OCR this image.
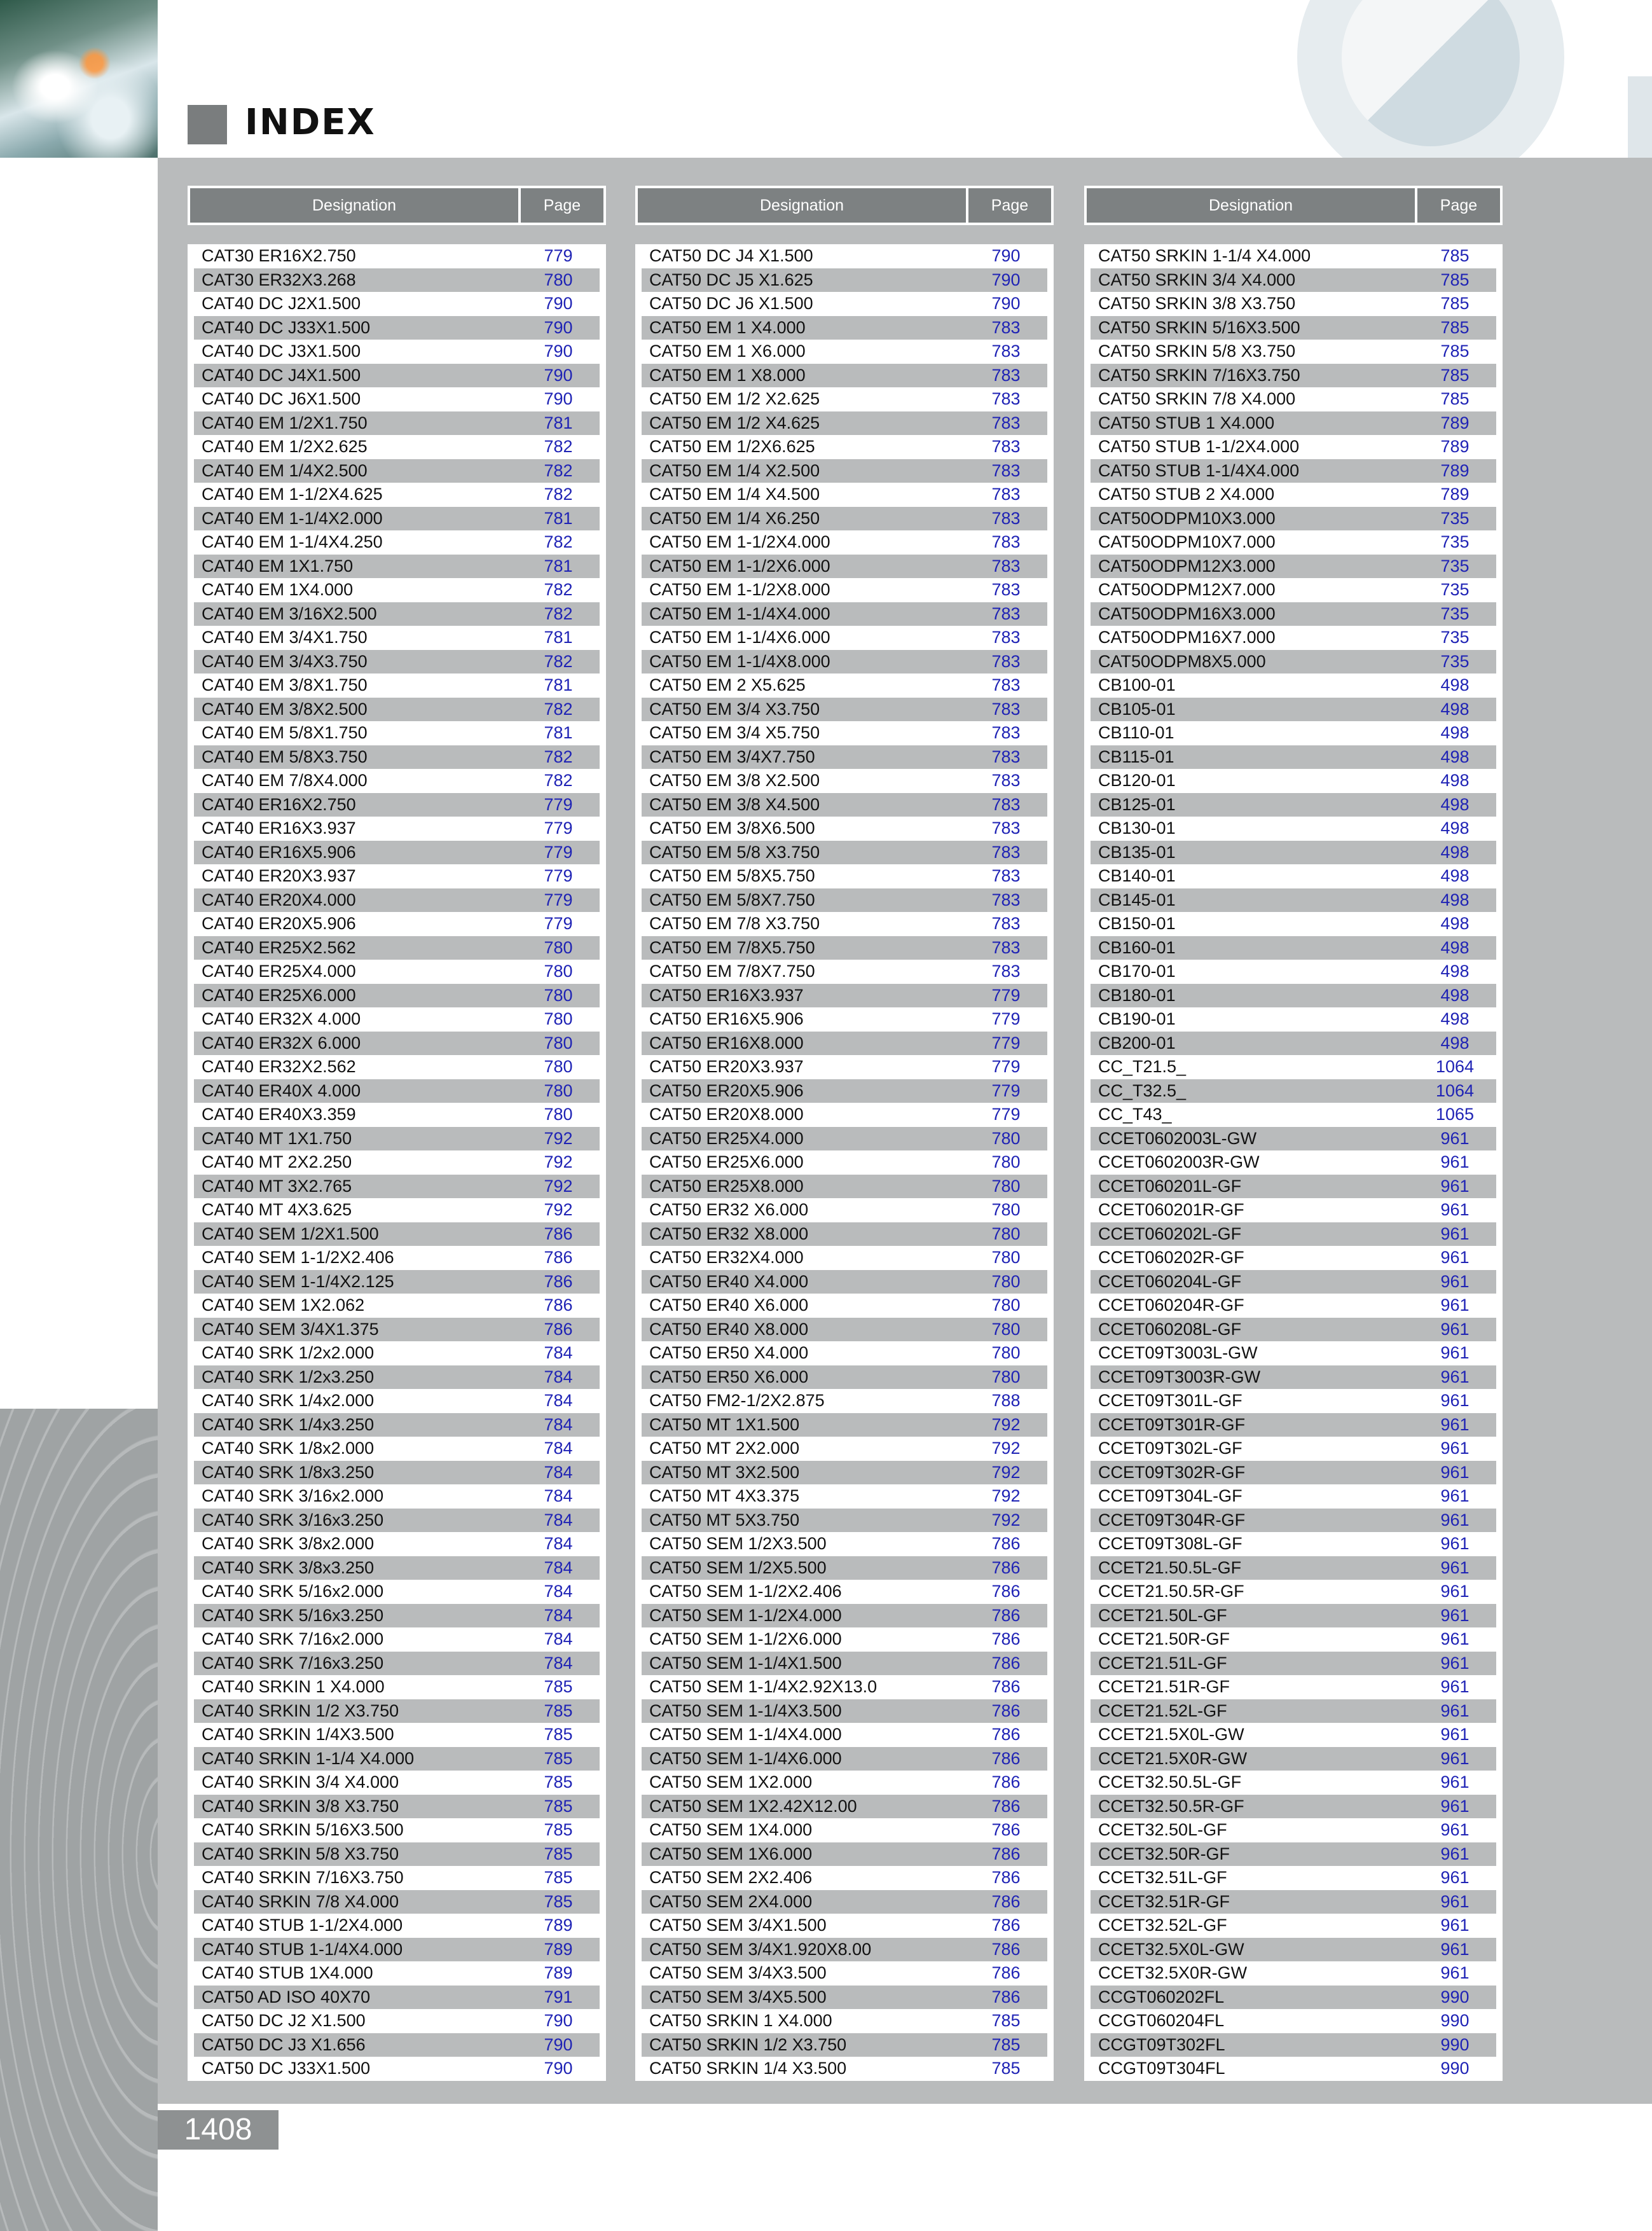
INDEX
Designation	Page
CAT30 ER16X2.750	779
CAT30 ER32X3.268	780
CAT40 DC J2X1.500	790
CAT40 DC J33X1.500	790
CAT40 DC J3X1.500	790
CAT40 DC J4X1.500	790
CAT40 DC J6X1.500	790
CAT40 EM 1/2X1.750	781
CAT40 EM 1/2X2.625	782
CAT40 EM 1/4X2.500	782
CAT40 EM 1-1/2X4.625	782
CAT40 EM 1-1/4X2.000	781
CAT40 EM 1-1/4X4.250	782
CAT40 EM 1X1.750	781
CAT40 EM 1X4.000	782
CAT40 EM 3/16X2.500	782
CAT40 EM 3/4X1.750	781
CAT40 EM 3/4X3.750	782
CAT40 EM 3/8X1.750	781
CAT40 EM 3/8X2.500	782
CAT40 EM 5/8X1.750	781
CAT40 EM 5/8X3.750	782
CAT40 EM 7/8X4.000	782
CAT40 ER16X2.750	779
CAT40 ER16X3.937	779
CAT40 ER16X5.906	779
CAT40 ER20X3.937	779
CAT40 ER20X4.000	779
CAT40 ER20X5.906	779
CAT40 ER25X2.562	780
CAT40 ER25X4.000	780
CAT40 ER25X6.000	780
CAT40 ER32X 4.000	780
CAT40 ER32X 6.000	780
CAT40 ER32X2.562	780
CAT40 ER40X 4.000	780
CAT40 ER40X3.359	780
CAT40 MT 1X1.750	792
CAT40 MT 2X2.250	792
CAT40 MT 3X2.765	792
CAT40 MT 4X3.625	792
CAT40 SEM 1/2X1.500	786
CAT40 SEM 1-1/2X2.406	786
CAT40 SEM 1-1/4X2.125	786
CAT40 SEM 1X2.062	786
CAT40 SEM 3/4X1.375	786
CAT40 SRK 1/2x2.000	784
CAT40 SRK 1/2x3.250	784
CAT40 SRK 1/4x2.000	784
CAT40 SRK 1/4x3.250	784
CAT40 SRK 1/8x2.000	784
CAT40 SRK 1/8x3.250	784
CAT40 SRK 3/16x2.000	784
CAT40 SRK 3/16x3.250	784
CAT40 SRK 3/8x2.000	784
CAT40 SRK 3/8x3.250	784
CAT40 SRK 5/16x2.000	784
CAT40 SRK 5/16x3.250	784
CAT40 SRK 7/16x2.000	784
CAT40 SRK 7/16x3.250	784
CAT40 SRKIN 1 X4.000	785
CAT40 SRKIN 1/2 X3.750	785
CAT40 SRKIN 1/4X3.500	785
CAT40 SRKIN 1-1/4 X4.000	785
CAT40 SRKIN 3/4 X4.000	785
CAT40 SRKIN 3/8 X3.750	785
CAT40 SRKIN 5/16X3.500	785
CAT40 SRKIN 5/8 X3.750	785
CAT40 SRKIN 7/16X3.750	785
CAT40 SRKIN 7/8 X4.000	785
CAT40 STUB 1-1/2X4.000	789
CAT40 STUB 1-1/4X4.000	789
CAT40 STUB 1X4.000	789
CAT50 AD ISO 40X70	791
CAT50 DC J2 X1.500	790
CAT50 DC J3 X1.656	790
CAT50 DC J33X1.500	790
Designation	Page
CAT50 DC J4 X1.500	790
CAT50 DC J5 X1.625	790
CAT50 DC J6 X1.500	790
CAT50 EM 1 X4.000	783
CAT50 EM 1 X6.000	783
CAT50 EM 1 X8.000	783
CAT50 EM 1/2 X2.625	783
CAT50 EM 1/2 X4.625	783
CAT50 EM 1/2X6.625	783
CAT50 EM 1/4 X2.500	783
CAT50 EM 1/4 X4.500	783
CAT50 EM 1/4 X6.250	783
CAT50 EM 1-1/2X4.000	783
CAT50 EM 1-1/2X6.000	783
CAT50 EM 1-1/2X8.000	783
CAT50 EM 1-1/4X4.000	783
CAT50 EM 1-1/4X6.000	783
CAT50 EM 1-1/4X8.000	783
CAT50 EM 2 X5.625	783
CAT50 EM 3/4 X3.750	783
CAT50 EM 3/4 X5.750	783
CAT50 EM 3/4X7.750	783
CAT50 EM 3/8 X2.500	783
CAT50 EM 3/8 X4.500	783
CAT50 EM 3/8X6.500	783
CAT50 EM 5/8 X3.750	783
CAT50 EM 5/8X5.750	783
CAT50 EM 5/8X7.750	783
CAT50 EM 7/8 X3.750	783
CAT50 EM 7/8X5.750	783
CAT50 EM 7/8X7.750	783
CAT50 ER16X3.937	779
CAT50 ER16X5.906	779
CAT50 ER16X8.000	779
CAT50 ER20X3.937	779
CAT50 ER20X5.906	779
CAT50 ER20X8.000	779
CAT50 ER25X4.000	780
CAT50 ER25X6.000	780
CAT50 ER25X8.000	780
CAT50 ER32 X6.000	780
CAT50 ER32 X8.000	780
CAT50 ER32X4.000	780
CAT50 ER40 X4.000	780
CAT50 ER40 X6.000	780
CAT50 ER40 X8.000	780
CAT50 ER50 X4.000	780
CAT50 ER50 X6.000	780
CAT50 FM2-1/2X2.875	788
CAT50 MT 1X1.500	792
CAT50 MT 2X2.000	792
CAT50 MT 3X2.500	792
CAT50 MT 4X3.375	792
CAT50 MT 5X3.750	792
CAT50 SEM 1/2X3.500	786
CAT50 SEM 1/2X5.500	786
CAT50 SEM 1-1/2X2.406	786
CAT50 SEM 1-1/2X4.000	786
CAT50 SEM 1-1/2X6.000	786
CAT50 SEM 1-1/4X1.500	786
CAT50 SEM 1-1/4X2.92X13.0	786
CAT50 SEM 1-1/4X3.500	786
CAT50 SEM 1-1/4X4.000	786
CAT50 SEM 1-1/4X6.000	786
CAT50 SEM 1X2.000	786
CAT50 SEM 1X2.42X12.00	786
CAT50 SEM 1X4.000	786
CAT50 SEM 1X6.000	786
CAT50 SEM 2X2.406	786
CAT50 SEM 2X4.000	786
CAT50 SEM 3/4X1.500	786
CAT50 SEM 3/4X1.920X8.00	786
CAT50 SEM 3/4X3.500	786
CAT50 SEM 3/4X5.500	786
CAT50 SRKIN 1 X4.000	785
CAT50 SRKIN 1/2 X3.750	785
CAT50 SRKIN 1/4 X3.500	785
Designation	Page
CAT50 SRKIN 1-1/4 X4.000	785
CAT50 SRKIN 3/4 X4.000	785
CAT50 SRKIN 3/8 X3.750	785
CAT50 SRKIN 5/16X3.500	785
CAT50 SRKIN 5/8 X3.750	785
CAT50 SRKIN 7/16X3.750	785
CAT50 SRKIN 7/8 X4.000	785
CAT50 STUB 1 X4.000	789
CAT50 STUB 1-1/2X4.000	789
CAT50 STUB 1-1/4X4.000	789
CAT50 STUB 2 X4.000	789
CAT50ODPM10X3.000	735
CAT50ODPM10X7.000	735
CAT50ODPM12X3.000	735
CAT50ODPM12X7.000	735
CAT50ODPM16X3.000	735
CAT50ODPM16X7.000	735
CAT50ODPM8X5.000	735
CB100-01	498
CB105-01	498
CB110-01	498
CB115-01	498
CB120-01	498
CB125-01	498
CB130-01	498
CB135-01	498
CB140-01	498
CB145-01	498
CB150-01	498
CB160-01	498
CB170-01	498
CB180-01	498
CB190-01	498
CB200-01	498
CC_T21.5_	1064
CC_T32.5_	1064
CC_T43_	1065
CCET0602003L-GW	961
CCET0602003R-GW	961
CCET060201L-GF	961
CCET060201R-GF	961
CCET060202L-GF	961
CCET060202R-GF	961
CCET060204L-GF	961
CCET060204R-GF	961
CCET060208L-GF	961
CCET09T3003L-GW	961
CCET09T3003R-GW	961
CCET09T301L-GF	961
CCET09T301R-GF	961
CCET09T302L-GF	961
CCET09T302R-GF	961
CCET09T304L-GF	961
CCET09T304R-GF	961
CCET09T308L-GF	961
CCET21.50.5L-GF	961
CCET21.50.5R-GF	961
CCET21.50L-GF	961
CCET21.50R-GF	961
CCET21.51L-GF	961
CCET21.51R-GF	961
CCET21.52L-GF	961
CCET21.5X0L-GW	961
CCET21.5X0R-GW	961
CCET32.50.5L-GF	961
CCET32.50.5R-GF	961
CCET32.50L-GF	961
CCET32.50R-GF	961
CCET32.51L-GF	961
CCET32.51R-GF	961
CCET32.52L-GF	961
CCET32.5X0L-GW	961
CCET32.5X0R-GW	961
CCGT060202FL	990
CCGT060204FL	990
CCGT09T302FL	990
CCGT09T304FL	990
1408
